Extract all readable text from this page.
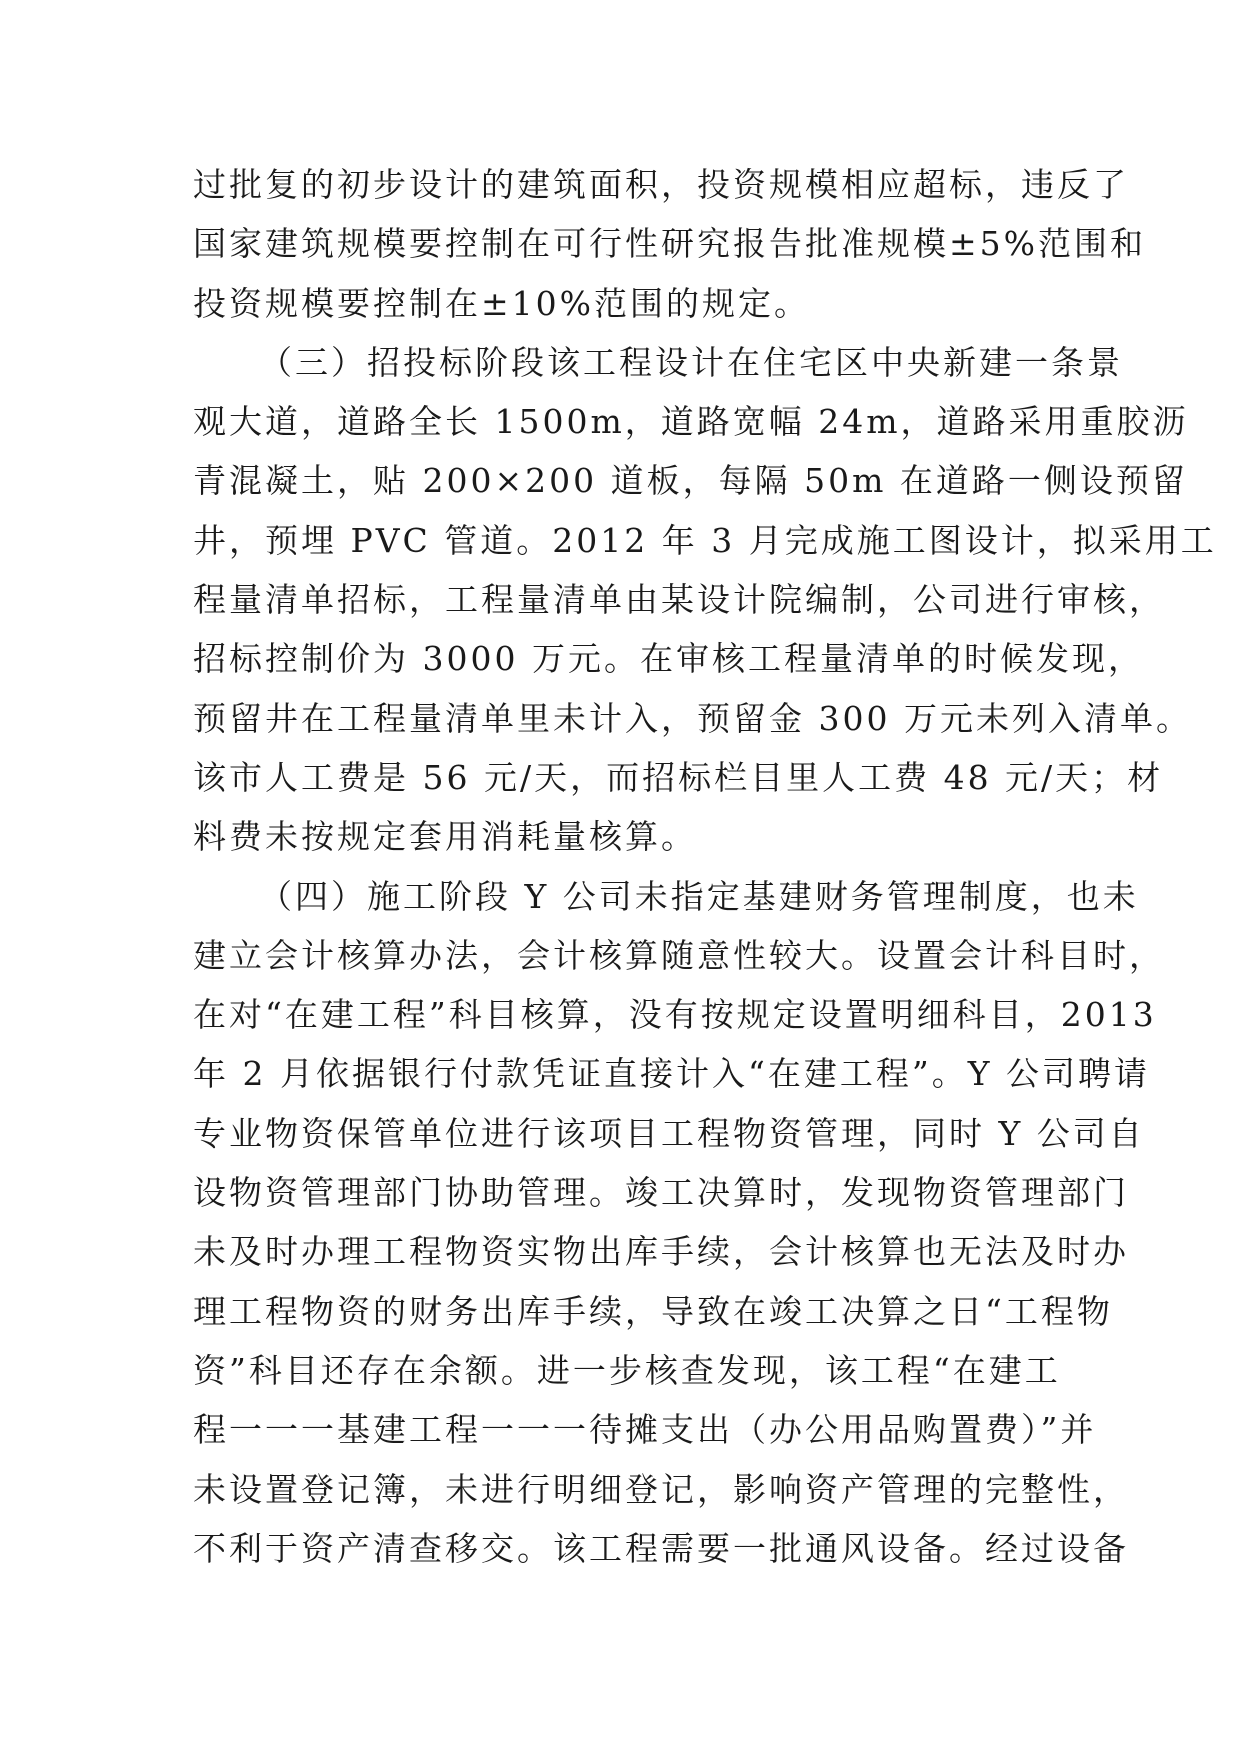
过批复的初步设计的建筑面积，投资规模相应超标，违反了
国家建筑规模要控制在可行性研究报告批准规模±5%范围和
投资规模要控制在±10%范围的规定。
（三）招投标阶段该工程设计在住宅区中央新建一条景
观大道，道路全长 1500m，道路宽幅 24m，道路采用重胶沥
青混凝土，贴 200×200 道板，每隔 50m 在道路一侧设预留
井，预埋 PVC 管道。2012 年 3 月完成施工图设计，拟采用工
程量清单招标，工程量清单由某设计院编制，公司进行审核，
招标控制价为 3000 万元。在审核工程量清单的时候发现，
预留井在工程量清单里未计入，预留金 300 万元未列入清单。
该市人工费是 56 元/天，而招标栏目里人工费 48 元/天；材
料费未按规定套用消耗量核算。
（四）施工阶段 Y 公司未指定基建财务管理制度，也未
建立会计核算办法，会计核算随意性较大。设置会计科目时，
在对“在建工程”科目核算，没有按规定设置明细科目，2013
年 2 月依据银行付款凭证直接计入“在建工程”。Y 公司聘请
专业物资保管单位进行该项目工程物资管理，同时 Y 公司自
设物资管理部门协助管理。竣工决算时，发现物资管理部门
未及时办理工程物资实物出库手续，会计核算也无法及时办
理工程物资的财务出库手续，导致在竣工决算之日“工程物
资”科目还存在余额。进一步核查发现，该工程“在建工
程一一一基建工程一一一待摊支出（办公用品购置费）”并
未设置登记簿，未进行明细登记，影响资产管理的完整性，
不利于资产清查移交。该工程需要一批通风设备。经过设备
